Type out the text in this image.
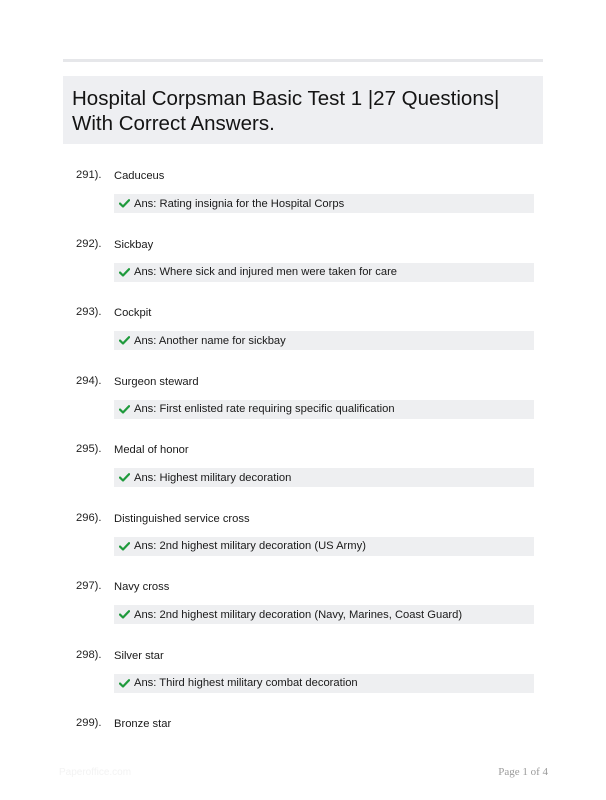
Hospital Corpsman Basic Test 1 |27 Questions| With Correct Answers.
291). Caduceus
Ans: Rating insignia for the Hospital Corps
292). Sickbay
Ans: Where sick and injured men were taken for care
293). Cockpit
Ans: Another name for sickbay
294). Surgeon steward
Ans: First enlisted rate requiring specific qualification
295). Medal of honor
Ans: Highest military decoration
296). Distinguished service cross
Ans: 2nd highest military decoration (US Army)
297). Navy cross
Ans: 2nd highest military decoration (Navy, Marines, Coast Guard)
298). Silver star
Ans: Third highest military combat decoration
299). Bronze star
Paperoffice.com	Page 1 of 4
